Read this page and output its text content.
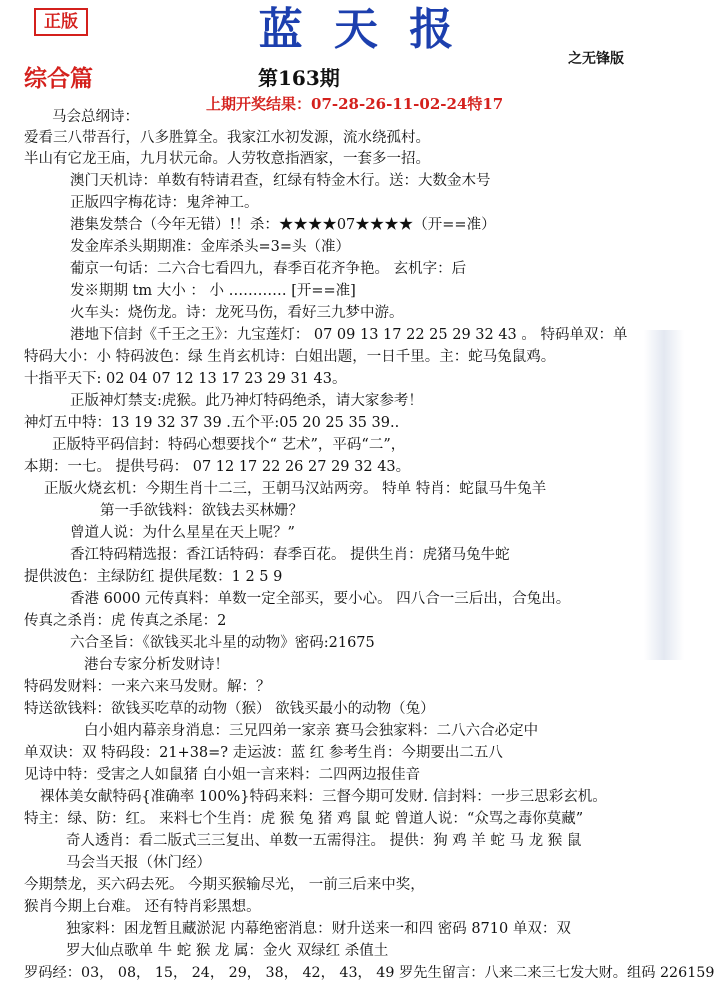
正版	蓝 天 报
之无锋版
综合篇	第163期
上期开奖结果：07-28-26-11-02-24特17
马会总纲诗：
爱看三八带吾行，八多胜算全。我家江水初发源，流水绕孤村。
半山有它龙王庙，九月状元命。人劳牧意指酒家，一套多一招。
澳门天机诗：单数有特请君查，红绿有特金木行。送：大数金木号
正版四字梅花诗：鬼斧神工。
港集发禁合（今年无错）!！杀：★★★★07★★★★（开==准）
发金库杀头期期准：金库杀头=3=头（准）
葡京一句话：二六合七看四九，春季百花齐争艳。 玄机字：后
发※期期 tm 大小 ： 小 ………… [开==准]
火车头：烧伤龙。诗：龙死马伤，看好三九梦中游。
港地下信封《千王之王》：九宝莲灯： 07 09 13 17 22 25 29 32 43 。 特码单双：单
特码大小：小 特码波色：绿 生肖玄机诗：白姐出题，一日千里。主：蛇马兔鼠鸡。
十指平天下: 02 04 07 12 13 17 23 29 31 43。
正版神灯禁支:虎猴。此乃神灯特码绝杀，请大家参考！
神灯五中特：13 19 32 37 39 .五个平:05 20 25 35 39..
正版特平码信封：特码心想要找个“ 艺术”，平码“二”，
本期：一七。 提供号码： 07 12 17 22 26 27 29 32 43。
正版火烧玄机：今期生肖十二三，王朝马汉站两旁。 特单 特肖：蛇鼠马牛兔羊
第一手欲钱料：欲钱去买林姗？
曾道人说：为什么星星在天上呢？”
香江特码精选报：香江话特码：春季百花。 提供生肖：虎猪马兔牛蛇
提供波色：主绿防红 提供尾数：1 2 5 9
香港 6000 元传真料：单数一定全部买，要小心。 四八合一三后出，合兔出。
传真之杀肖：虎 传真之杀尾：2
六合圣旨：《欲钱买北斗星的动物》密码:21675
港台专家分析发财诗！
特码发财料：一来六来马发财。解：？
特送欲钱料：欲钱买吃草的动物（猴） 欲钱买最小的动物（兔）
白小姐内幕亲身消息：三兄四弟一家亲 赛马会独家料：二八六合必定中
单双诀：双 特码段：21+38=? 走运波：蓝 红 参考生肖：今期要出二五八
见诗中特：受害之人如鼠猪 白小姐一言来料：二四两边报佳音
裸体美女献特码{准确率 100%}特码来料：三督今期可发财. 信封料：一步三思彩玄机。
特主：绿、防：红。 来料七个生肖：虎 猴 兔 猪 鸡 鼠 蛇 曾道人说：“众骂之毒你莫藏”
奇人透肖：看二版式三三复出、单数一五需得注。 提供：狗 鸡 羊 蛇 马 龙 猴 鼠
马会当天报（休门经）
今期禁龙，买六码去死。 今期买猴输尽光， 一前三后来中奖，
猴肖今期上台难。 还有特肖彩黑想。
独家料：困龙暂且藏淤泥 内幕绝密消息：财升送来一和四 密码 8710 单双：双
罗大仙点歌单 牛 蛇 猴 龙 属：金火 双绿红 杀值土
罗码经：03， 08， 15， 24， 29， 38， 42， 43， 49 罗先生留言：八来二来三七发大财。组码 226159
